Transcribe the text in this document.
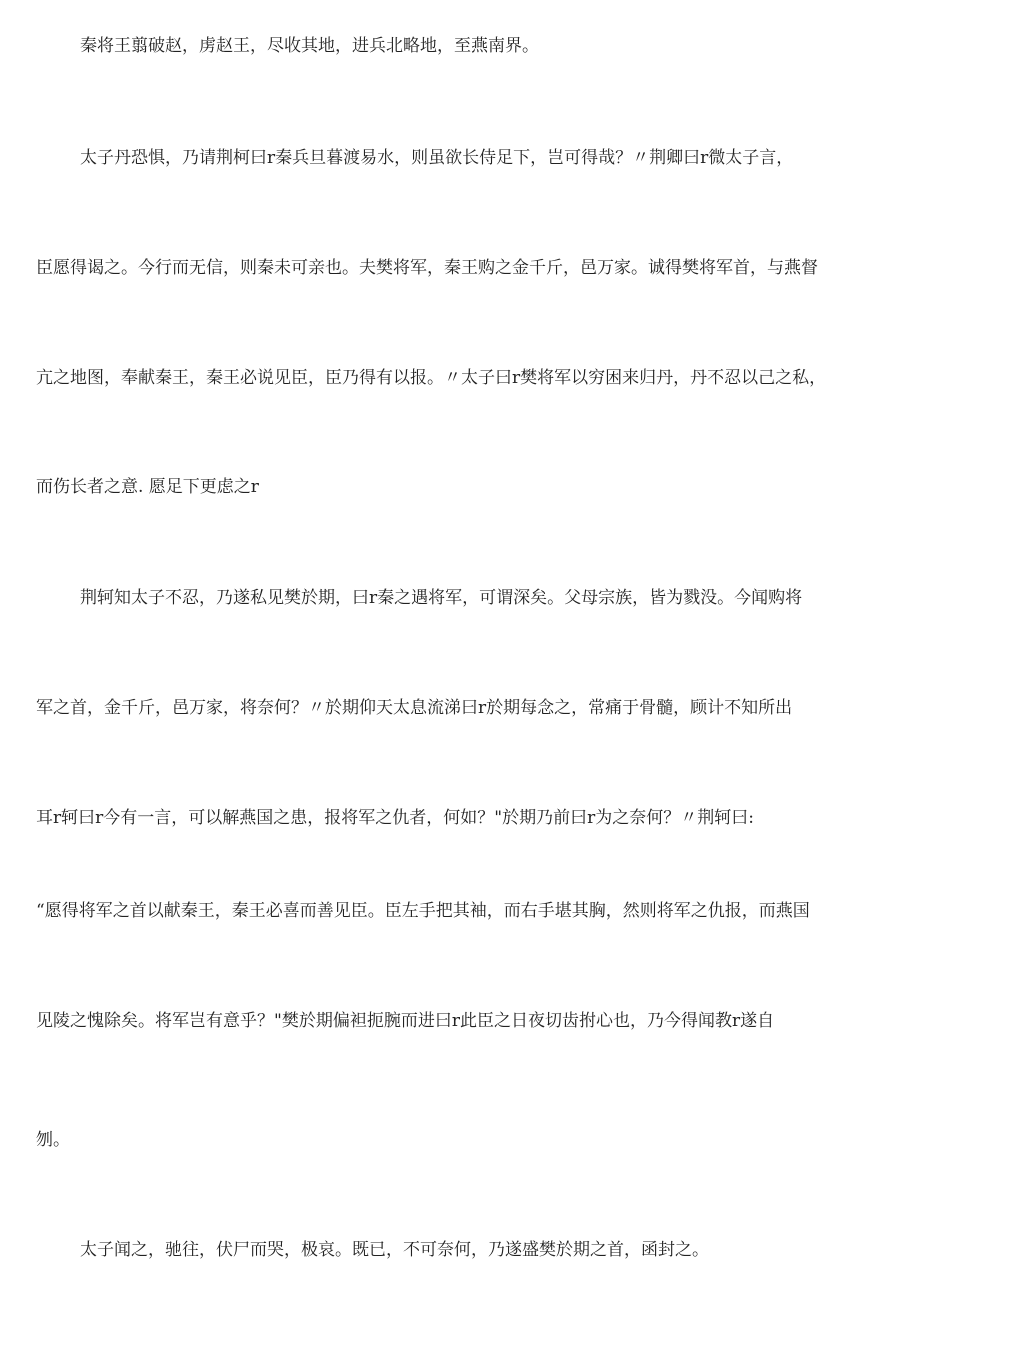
秦将王翦破赵，虏赵王，尽收其地，进兵北略地，至燕南界。
太子丹恐惧，乃请荆柯曰r秦兵旦暮渡易水，则虽欲长侍足下，岂可得哉？〃荆卿曰r微太子言，
臣愿得谒之。今行而无信，则秦未可亲也。夫樊将军，秦王购之金千斤，邑万家。诚得樊将军首，与燕督
亢之地图，奉献秦王，秦王必说见臣，臣乃得有以报。〃太子曰r樊将军以穷困来归丹，丹不忍以己之私，
而伤长者之意. 愿足下更虑之r
荆轲知太子不忍，乃遂私见樊於期，曰r秦之遇将军，可谓深矣。父母宗族，皆为戮没。今闻购将
军之首，金千斤，邑万家，将奈何？〃於期仰天太息流涕曰r於期每念之，常痛于骨髓，顾计不知所出
耳r轲曰r今有一言，可以解燕国之患，报将军之仇者，何如？"於期乃前曰r为之奈何？〃荆轲曰:
“愿得将军之首以献秦王，秦王必喜而善见臣。臣左手把其袖，而右手堪其胸，然则将军之仇报，而燕国
见陵之愧除矣。将军岂有意乎？"樊於期偏袒扼腕而进曰r此臣之日夜切齿拊心也，乃今得闻教r遂自
刎。
太子闻之，驰往，伏尸而哭，极哀。既已，不可奈何，乃遂盛樊於期之首，函封之。
